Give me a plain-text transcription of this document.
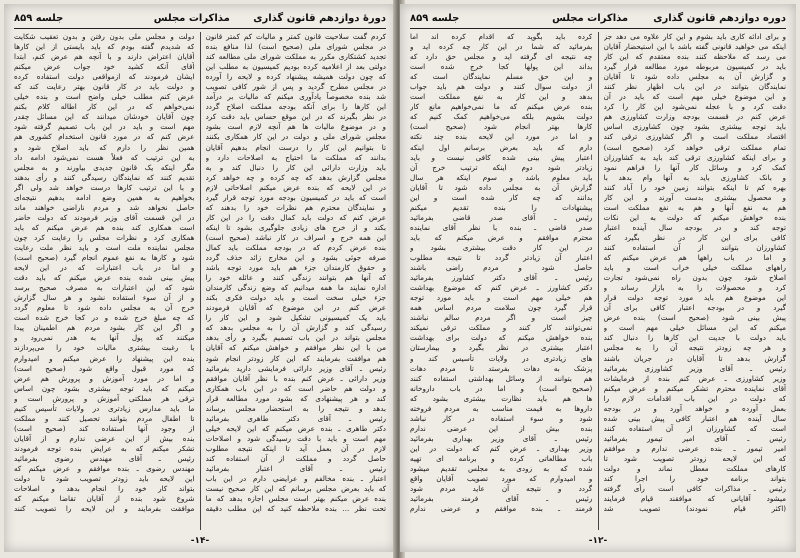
دورهٔ دوازدهم قانون گذاری
مذاکرات مجلس
جلسه ۸۵۹
کردم گفت سلاحیت قانون کمتر و مالیات کم کمتر قانون
در مجلس شورای ملی (صحیح است) لذا منافع بنده
تجدید کشتکاری مکرر به مملکت شورای ملی مطالعه کند
دولتی بعد از اعلامیه کرده بودیم کمیسیون به مطلب این
که چون دولت همیشه پیشنهاد کرده و لایحه را آورده
در مجلس مطرح گردید و پس از شور کافی تصویب
شد بنده مخصوصاً یادآوری میکنم که مالیات بر درآمد
این کارها را برای آنکه بودجه مملکت اصلاح گردد
در نظر بگیرند که در این موقع حساس باید دقت کرد
و در موضوع مالیات ها هم آنچه لازم است بشود
مجلس شورای ملی و دولت در این کار همکاری بکنند
تا بتوانیم این کار را درست انجام بدهیم آقایان
بدانند که مملکت ما احتیاج به اصلاحات دارد و
باید وزارت دارائی این کار را دنبال کند و به
مجلس گزارش بدهد که چه کرده و چه خواهد کرد
در این لایحه که بنده عرض میکنم اصلاحاتی لازم
است که باید در کمیسیون بودجه مورد توجه قرار گیرد
و نمایندگان محترم هم نظرات خود را بدهند که
عرض کنم که دولت باید کمال دقت را در این کار
بکند و از خرج های زیادی جلوگیری بشود تا اینکه
این همه خرج و اسراف در کار نباشد (صحیح است)
بنده عرض کردم که در بودجه مملکت باید کمال
صرفه جوئی بشود و این مخارج زائد حذف گردد
و حقوق کارمندان جزء هم باید مورد توجه باشد
که آنها هم بتوانند زندگی کنند و عائله خود را
اداره نمایند ما همه میدانیم که وضع زندگی کارمندان
جزء خیلی سخت است و باید دولت فکری بکند
عرض کنم در این موضوع که آقایان فرمودند
باید یک کمیسیونی تشکیل شود و این کار را
رسیدگی کند و گزارش آن را به مجلس بدهد که
مجلس بتواند در این باب تصمیم بگیرد و رأی بدهد
من با این نظر موافقم و خواهش میکنم که آقایان
هم موافقت بفرمایند که این کار زودتر انجام شود
رئیس ـ آقای وزیر دارائی فرمایشی دارید بفرمائید
وزیر دارائی ـ عرض کنم بنده با نظر آقایان موافقم
و دولت هم حاضر است که در این باب همکاری
کند و هر پیشنهادی که بشود مورد مطالعه قرار
بدهد و نتیجه را به استحضار مجلس برساند
رئیس ـ آقای دکتر طاهری بفرمائید
دکتر طاهری ـ بنده عرض میکنم که این لایحه خیلی
مهم است و باید با دقت رسیدگی شود و اصلاحات
لازم در آن بعمل آید تا اینکه نتیجه مطلوب
حاصل گردد و مملکت از آن استفاده کند
رئیس ـ آقای اعتبار بفرمائید
اعتبار ـ بنده مخالفم و عرایضی دارم در این باب
که باید بعرض مجلس برسانم که این کار صحیح نیست
بنده عرض میکنم بهتر است مجلس اجازه بدهد که ما
تحت نظر ... بنده ملاحظه کنید که این مطلب دقیقه
دولت و مجلس ملی بدون رفتن و بدون تعقیب شکایت
که شدیدم گفته بودم که باید بایستی از این کارها
آقایان اعتراض دارند و با آنچه هم عرض کنم، ابتدا
آقای آنکه کشید خود جواب عرض میکنم
ایشان فرمودند که ازمواقعی دولت استفاده کرده
و دولت باید در کار قانون بهتر رعایت کند که
عرض کنم مطلب خیلی واضح است و بنده خیلی
نمی‌خواهم که در این کار اطاله کلام بکنم
چون آقایان خودشان میدانند که این مسائل چقدر
مهم است و باید در این باب تصمیم گرفته شود
عرض کنم که در مورد قانون استخدام کشوری هم
همین نظر را دارم که باید اصلاح شود و
به این ترتیب که فعلاً هست نمی‌شود ادامه داد
مگر اینکه یک قانون جدیدی بیاورند و به مجلس
تقدیم کنند که نمایندگان رسیدگی کنند و رأی بدهند
و با این ترتیب کارها درست خواهد شد ولی اگر
بخواهیم به همین وضع ادامه بدهیم نتیجه‌ای
حاصل نخواهد شد و مردم ناراضی خواهند ماند
در این قسمت آقای وزیر فرمودند که دولت حاضر
است همکاری کند بنده هم عرض میکنم که باید
همکاری کرد و نظرات مجلس را رعایت کرد چون
مجلس نماینده ملت است و باید نظر ملت رعایت
شود و کارها به نفع عموم انجام گیرد (صحیح است)
و اما در باب اعتبارات که در این لایحه
پیش بینی شده بنده عرض میکنم که باید دقت
شود که این اعتبارات به مصرف صحیح برسد
و از آن سوء استفاده نشود و هر سال گزارش
خرج آن به مجلس داده شود تا معلوم گردد
که چه مبلغ خرج شده و در کجا خرج شده است
و اگر این کار بشود مردم هم اطمینان پیدا
میکنند که پول آنها به هدر نمی‌رود و
با رغبت بیشتری مالیات خود را می‌پردازند
بنده این پیشنهاد را عرض میکنم و امیدوارم
که مورد قبول واقع شود (صحیح است)
و اما در مورد آموزش و پرورش هم عرض
میکنم که باید توجه بیشتری بشود چون اساس
ترقی هر مملکتی آموزش و پرورش است و
ما باید مدارس زیادتری در ولایات تأسیس کنیم
تا اطفال مردم بتوانند تحصیل کنند و مملکت
از وجود آنها استفاده کند (صحیح است)
بنده بیش از این عرضی ندارم و از آقایان
تشکر میکنم که به عرایض بنده توجه فرمودند
رئیس ـ آقای مهندس رضوی بفرمائید
مهندس رضوی ـ بنده موافقم و عرض میکنم که
این لایحه باید زودتر تصویب شود تا دولت
بتواند کار خود را انجام بدهد و اصلاحات
شروع شود بنده از آقایان تقاضا میکنم که
موافقت بفرمایند و این لایحه را تصویب کنند
-۱۴-
دوره دوازدهم قانون گذاری
مذاکرات مجلس
جلسه ۸۵۹
و برای ادائه کاری باید بشوم و این کار علاوه می دهد جز
اینکه می خواهید قانونی گفته باشد با این استیحضار آقایان
می رسد که ملاحظه کنند بنده معتقدم که این کار
باید در کمیسیون مربوطه مورد مطالعه قرار گیرد
و گزارش آن به مجلس داده شود تا آقایان
نمایندگان بتوانند در این باب اظهار نظر کنند
و این موضوع خیلی مهم است که باید در آن
دقت کرد و با عجله نمی‌شود این کار را کرد
عرض کنم در قسمت بودجه وزارت کشاورزی هم
باید توجه بیشتری بشود چون کشاورزی اساس
اقتصاد مملکت است و اگر کشاورزی ترقی کند
تمام مملکت ترقی خواهد کرد (صحیح است)
و برای اینکه کشاورزی ترقی کند باید به کشاورزان
کمک کرد و وسائل کار آنها را فراهم نمود
و بانک کشاورزی باید به آنها وام بدهد با
بهره کم تا اینکه بتوانند زمین خود را آباد کنند
و محصول بیشتری بدست آورند و این کار
هم به نفع آنها و هم به نفع مملکت است
بنده خواهش میکنم که دولت به این نکات
توجه کند و در بودجه سال آینده اعتبار
کافی برای این کار در نظر بگیرد که
کشاورزان بتوانند از آن استفاده کنند
و اما در باب راهها هم عرض میکنم که
راههای مملکت خیلی خراب است و باید
اصلاح شود چون بدون راه نمی‌شود تجارت
کرد و محصولات را به بازار رساند و
این موضوع هم باید مورد توجه دولت قرار
گیرد و در بودجه اعتبار کافی برای آن
پیش بینی شود (صحیح است) بنده عرض
میکنم که این مسائل خیلی مهم است و
باید دولت با جدیت این کارها را دنبال کند
و هر چه زودتر نتیجه آن را به مجلس
گزارش بدهد تا آقایان در جریان باشند
رئیس ـ آقای وزیر کشاورزی بفرمائید
وزیر کشاورزی ـ عرض کنم بنده از فرمایشات
آقای نماینده محترم تشکر میکنم و عرض میکنم
که دولت در این باب اقدامات لازم را
بعمل آورده و خواهد آورد و در بودجه
سال آینده هم اعتبار کافی پیش بینی شده
است که کشاورزان از آن استفاده کنند
رئیس ـ آقای امیر تیمور بفرمائید
امیر تیمور ـ بنده عرضی ندارم و موافقم
که این لایحه زودتر تصویب شود تا
کارهای مملکت معطل نماند و دولت
بتواند برنامه خود را اجرا کند
رئیس ـ مذاکرات کافی است رأی گرفته
میشود آقایانی که موافقند قیام فرمایند
(اکثر قیام نمودند) تصویب شد
کرده باید بگوید که اقدام کرده اند اما
بفرمائید که شما در این کار چه کرده اید و
چه نتیجه ای گرفته اید و مجلس حق دارد که
بداند این پولها کجا خرج شده است
و این حق مسلم نمایندگان است که
از دولت سوال کنند و دولت هم باید جواب
بدهد و این کار به نفع مملکت است
بنده عرض میکنم که ما نمی‌خواهیم مانع کار
دولت بشویم بلکه می‌خواهیم کمک کنیم که
کارها بهتر انجام شود (صحیح است)
و اما در مورد این لایحه بنده چند نکته
دارم که باید بعرض برسانم اول اینکه
اعتبار پیش بینی شده کافی نیست و باید
زیادتر شود دوم اینکه ترتیب خرج آن
باید معلوم باشد و سوم اینکه هر سال
گزارش آن به مجلس داده شود تا آقایان
بدانند که چه کار شده است و این
پیشنهادات را بنده تقدیم میکنم
رئیس ـ آقای صدر قاضی بفرمائید
صدر قاضی ـ بنده با نظر آقای نماینده
محترم موافقم و عرض میکنم که باید
در این کار دقت بیشتری بشود و
اعتبار آن زیادتر گردد تا نتیجه مطلوب
حاصل شود و مردم راضی باشند
رئیس ـ آقای دکتر کشاورز بفرمائید
دکتر کشاورز ـ عرض کنم که موضوع بهداشت
هم خیلی مهم است و باید مورد توجه
قرار گیرد چون سلامت مردم اساس همه
چیز است و اگر مردم سالم نباشند
نمی‌توانند کار کنند و مملکت ترقی نمیکند
بنده خواهش میکنم که دولت برای بهداشت
اعتبار بیشتری در نظر بگیرد و بیمارستان
های زیادتری در ولایات تأسیس کند و
پزشک به دهات بفرستد تا مردم دهات
هم بتوانند از وسائل بهداشتی استفاده کنند
(صحیح است) و اما در باب داروخانه
ها هم باید نظارت بیشتری بشود که
داروها به قیمت مناسب به مردم فروخته
شود و سوء استفاده در کار نباشد
بنده بیش از این عرضی ندارم
رئیس ـ آقای وزیر بهداری بفرمائید
وزیر بهداری ـ عرض کنم که دولت در این
باب مطالعاتی کرده و برنامه ای تهیه
شده که به زودی به مجلس تقدیم میشود
و امیدوارم که مورد تصویب آقایان واقع
گردد و نتیجه آن عاید مردم شود
رئیس ـ آقای فرمند بفرمائید
فرمند ـ بنده موافقم و عرضی ندارم
-۱۲-
